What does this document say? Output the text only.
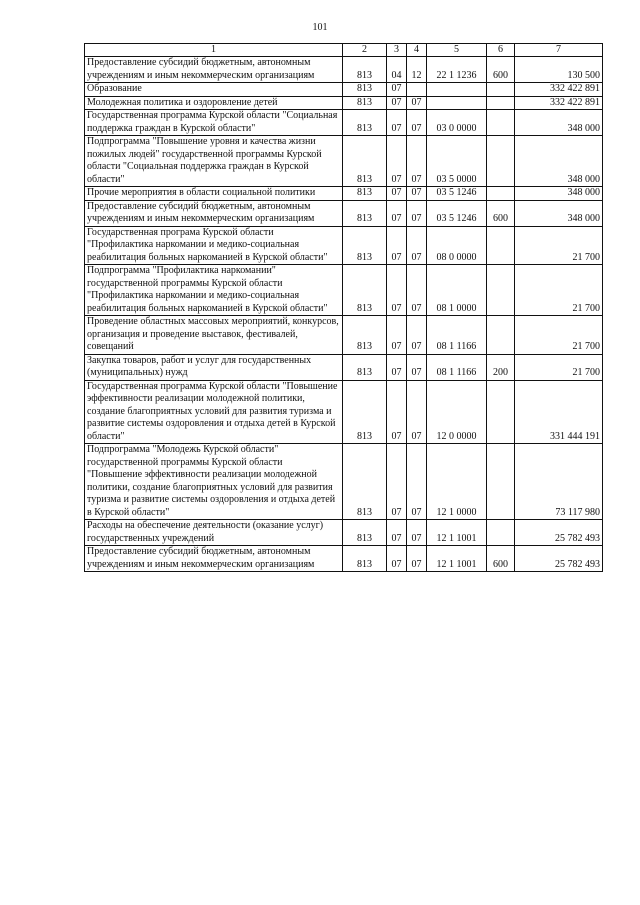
101
1	2	3	4	5	6	7
Предоставление субсидий бюджетным, автономным учреждениям и иным некоммерческим организациям	813	04	12	22 1 1236	600	130 500
Образование	813	07				332 422 891
Молодежная политика и оздоровление детей	813	07	07			332 422 891
Государственная программа Курской области "Социальная поддержка граждан в Курской области"	813	07	07	03 0 0000		348 000
Подпрограмма "Повышение уровня и качества жизни пожилых людей" государственной программы Курской области "Социальная поддержка граждан в Курской области"	813	07	07	03 5 0000		348 000
Прочие мероприятия в области социальной политики	813	07	07	03 5 1246		348 000
Предоставление субсидий бюджетным, автономным учреждениям и иным некоммерческим организациям	813	07	07	03 5 1246	600	348 000
Государственная програма Курской области "Профилактика наркомании и медико-социальная реабилитация больных наркоманией в Курской области"	813	07	07	08 0 0000		21 700
Подпрограмма "Профилактика наркомании" государственной программы Курской области "Профилактика наркомании и медико-социальная реабилитация больных наркоманией в Курской области"	813	07	07	08 1 0000		21 700
Проведение областных массовых мероприятий, конкурсов, организация и проведение выставок, фестивалей, совещаний	813	07	07	08 1 1166		21 700
Закупка товаров, работ и услуг для государственных (муниципальных) нужд	813	07	07	08 1 1166	200	21 700
Государственная программа Курской области "Повышение эффективности реализации молодежной политики, создание благоприятных условий для развития туризма и развитие системы оздоровления и отдыха детей в Курской области"	813	07	07	12 0 0000		331 444 191
Подпрограмма "Молодежь Курской области" государственной программы Курской области "Повышение эффективности реализации молодежной политики, создание благоприятных условий для развития туризма и развитие системы оздоровления и отдыха детей в Курской области"	813	07	07	12 1 0000		73 117 980
Расходы на обеспечение деятельности (оказание услуг) государственных учреждений	813	07	07	12 1 1001		25 782 493
Предоставление субсидий бюджетным, автономным учреждениям и иным некоммерческим организациям	813	07	07	12 1 1001	600	25 782 493
